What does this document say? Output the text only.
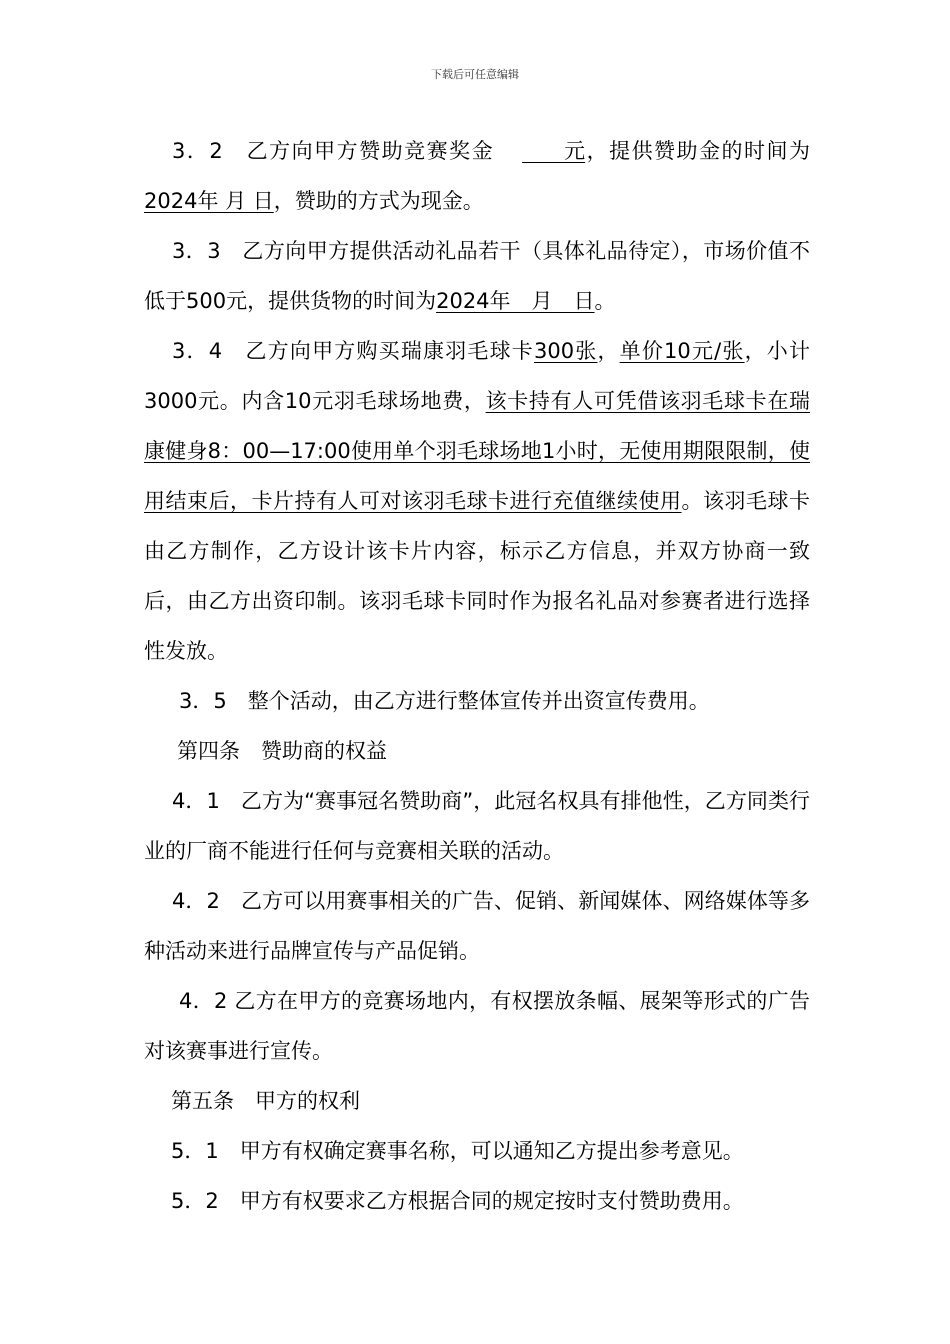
下载后可任意编辑

3．2　乙方向甲方赞助竞赛奖金　　元，提供赞助金的时间为2024年 月 日，赞助的方式为现金。

3．3　乙方向甲方提供活动礼品若干（具体礼品待定），市场价值不低于500元，提供货物的时间为2024年　月　日。

3．4　乙方向甲方购买瑞康羽毛球卡300张，单价10元/张，小计3000元。内含10元羽毛球场地费，该卡持有人可凭借该羽毛球卡在瑞康健身8：00—17:00使用单个羽毛球场地1小时，无使用期限限制，使用结束后，卡片持有人可对该羽毛球卡进行充值继续使用。该羽毛球卡由乙方制作，乙方设计该卡片内容，标示乙方信息，并双方协商一致后，由乙方出资印制。该羽毛球卡同时作为报名礼品对参赛者进行选择性发放。

3．5　整个活动，由乙方进行整体宣传并出资宣传费用。

第四条　赞助商的权益

4．1　乙方为“赛事冠名赞助商”，此冠名权具有排他性，乙方同类行业的厂商不能进行任何与竞赛相关联的活动。

4．2　乙方可以用赛事相关的广告、促销、新闻媒体、网络媒体等多种活动来进行品牌宣传与产品促销。

4．2 乙方在甲方的竞赛场地内，有权摆放条幅、展架等形式的广告对该赛事进行宣传。

第五条　甲方的权利

5．1　甲方有权确定赛事名称，可以通知乙方提出参考意见。

5．2　甲方有权要求乙方根据合同的规定按时支付赞助费用。
